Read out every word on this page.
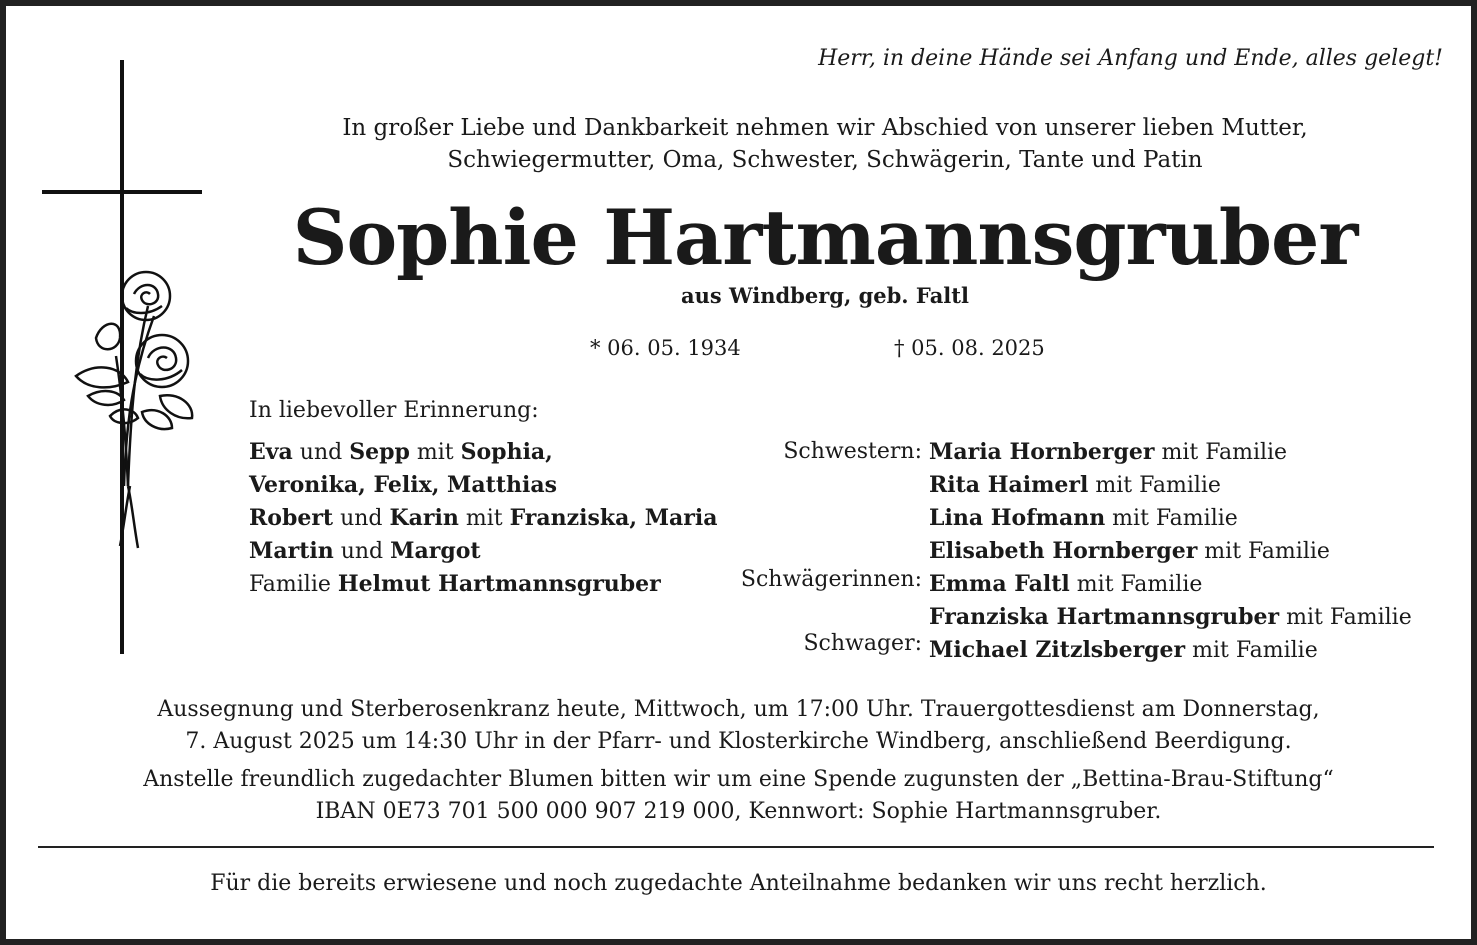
Herr, in deine Hände sei Anfang und Ende, alles gelegt!
In großer Liebe und Dankbarkeit nehmen wir Abschied von unserer lieben Mutter,
Schwiegermutter, Oma, Schwester, Schwägerin, Tante und Patin
Sophie Hartmannsgruber
aus Windberg, geb. Faltl
* 06. 05. 1934	† 05. 08. 2025
In liebevoller Erinnerung:
Eva und Sepp mit Sophia,
Veronika, Felix, Matthias
Robert und Karin mit Franziska, Maria
Martin und Margot
Familie Helmut Hartmannsgruber
Schwestern:
Schwägerinnen:
Schwager:
Maria Hornberger mit Familie
Rita Haimerl mit Familie
Lina Hofmann mit Familie
Elisabeth Hornberger mit Familie
Emma Faltl mit Familie
Franziska Hartmannsgruber mit Familie
Michael Zitzlsberger mit Familie
Aussegnung und Sterberosenkranz heute, Mittwoch, um 17:00 Uhr. Trauergottesdienst am Donnerstag,
7. August 2025 um 14:30 Uhr in der Pfarr- und Klosterkirche Windberg, anschließend Beerdigung.
Anstelle freundlich zugedachter Blumen bitten wir um eine Spende zugunsten der „Bettina-Brau-Stiftung“
IBAN 0E73 701 500 000 907 219 000, Kennwort: Sophie Hartmannsgruber.
Für die bereits erwiesene und noch zugedachte Anteilnahme bedanken wir uns recht herzlich.
